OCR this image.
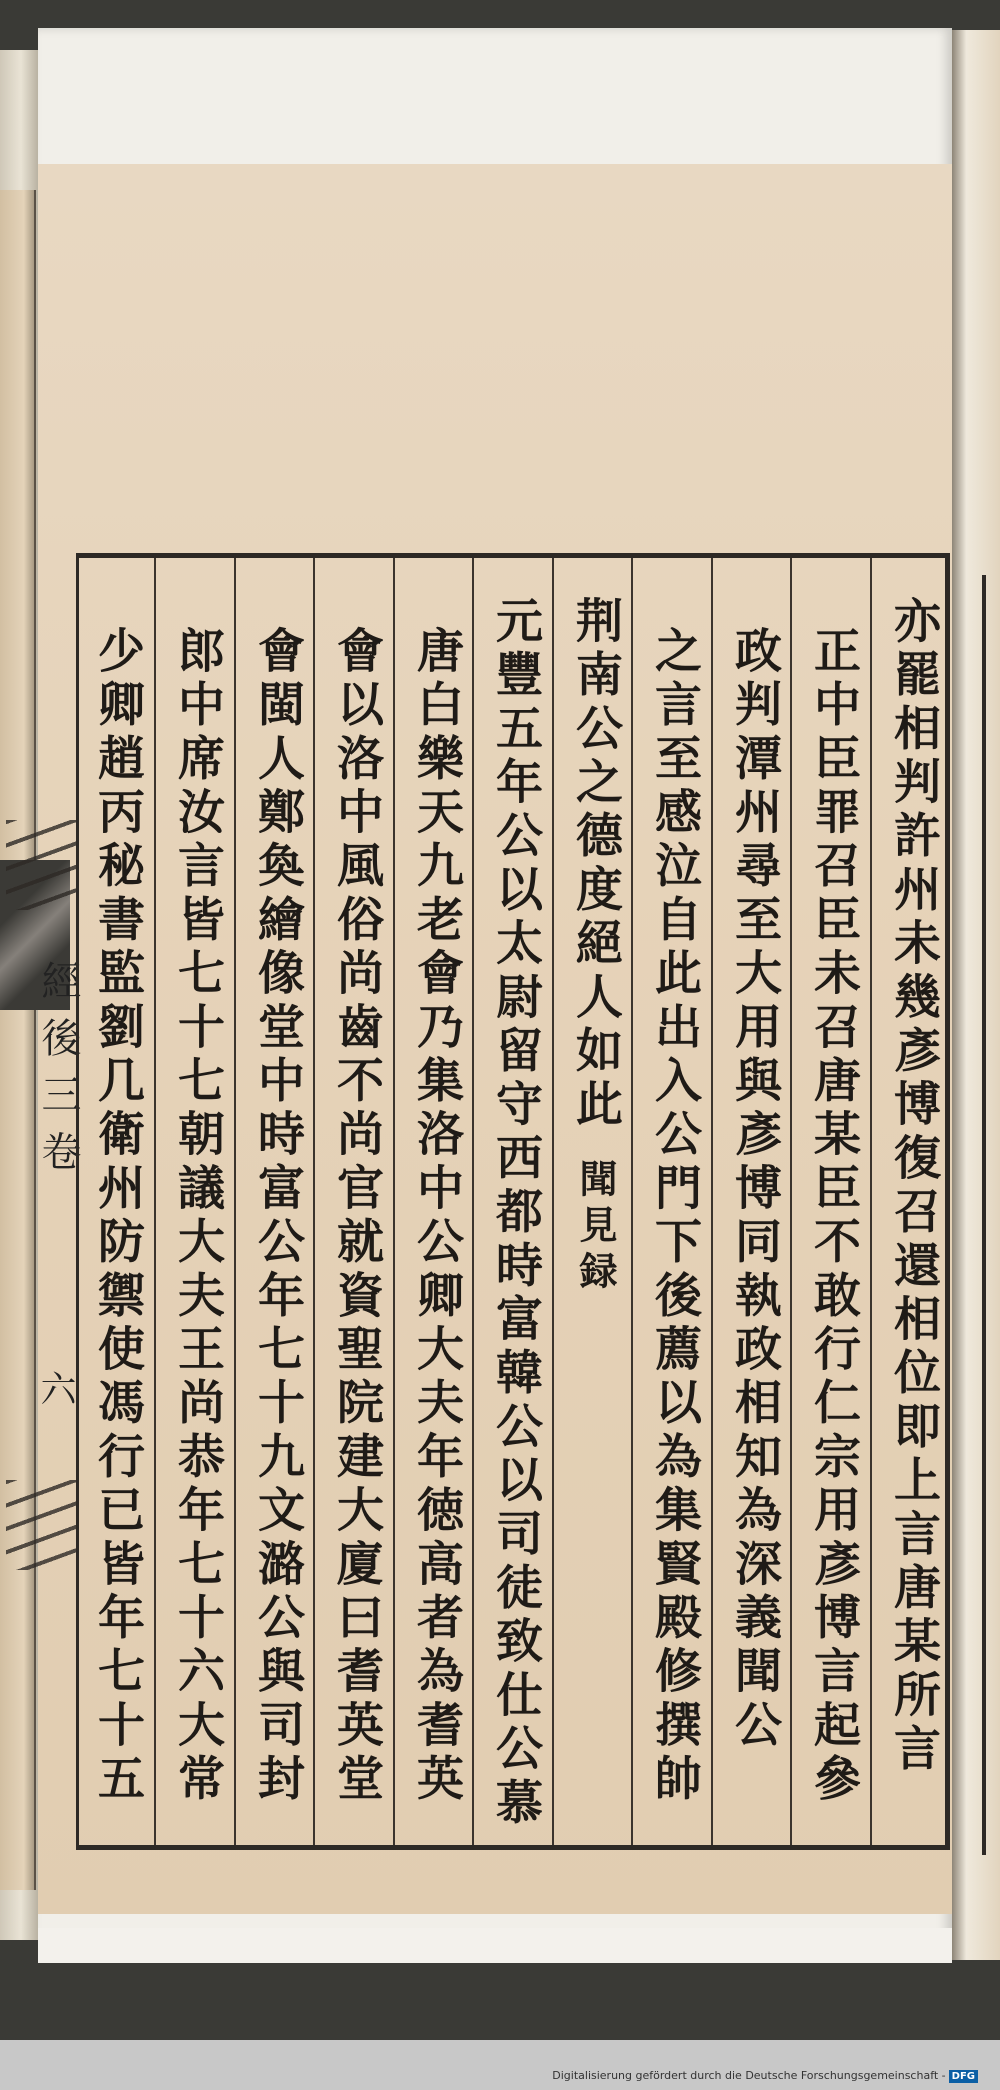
經 後 三 卷
六	亦罷相判許州未幾彥博復召還相位即上言唐某所言
正中臣罪召臣未召唐某臣不敢行仁宗用彥博言起參
政判潭州尋至大用與彥博同執政相知為深義聞公
之言至感泣自此出入公門下後薦以為集賢殿修撰帥
荆南公之德度絕人如此聞見録
元豐五年公以太尉留守西都時富韓公以司徒致仕公慕
唐白樂天九老會乃集洛中公卿大夫年徳高者為耆英
會以洛中風俗尚齒不尚官就資聖院建大廈曰耆英堂
會閩人鄭奐繪像堂中時富公年七十九文潞公與司封
郎中席汝言皆七十七朝議大夫王尚恭年七十六大常
少卿趙丙秘書監劉几衛州防禦使馮行已皆年七十五
Digitalisierung gefördert durch die Deutsche Forschungsgemeinschaft - DFG
